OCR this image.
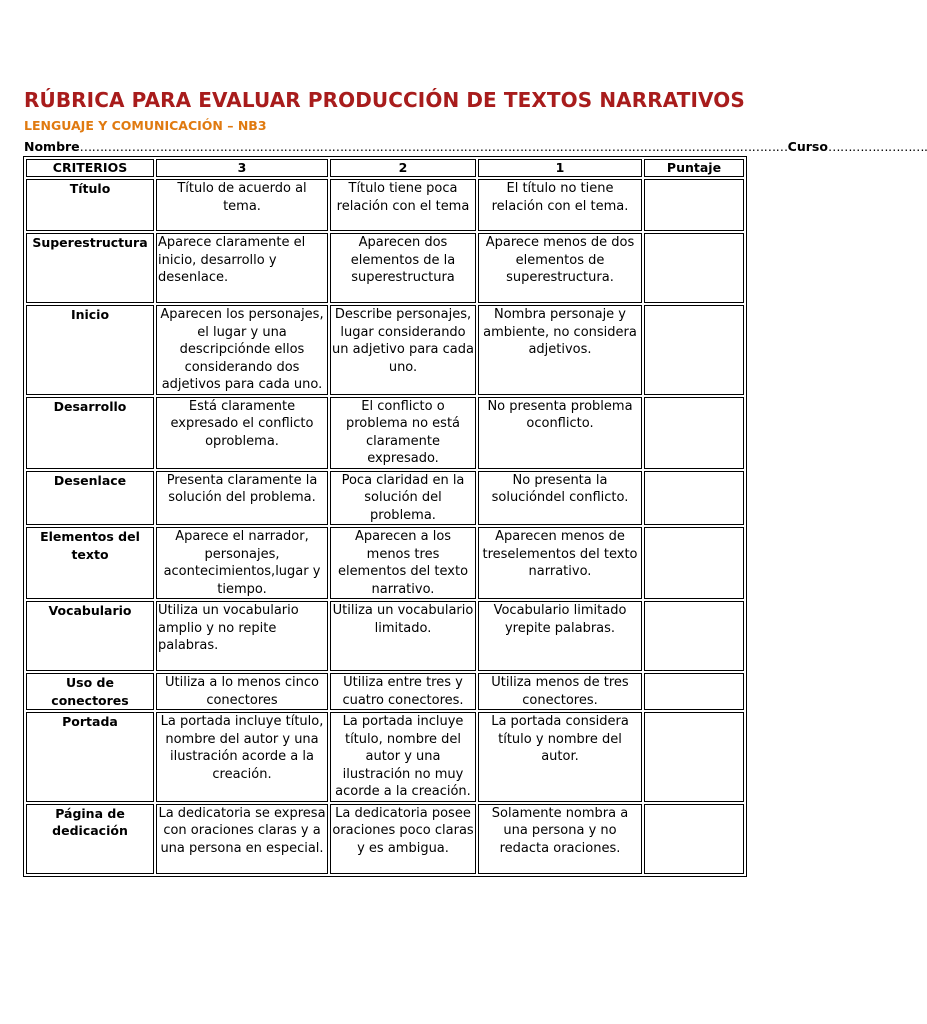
RÚBRICA PARA EVALUAR PRODUCCIÓN DE TEXTOS NARRATIVOS
LENGUAJE Y COMUNICACIÓN – NB3
Nombre …………………………………………………………………………………………………………………………………………………………… Curso …………………….
CRITERIOS	3	2	1	Puntaje
Título	Título de acuerdo al tema.	Título tiene poca relación con el tema	El título no tiene relación con el tema.	
Superestructura	Aparece claramente el inicio, desarrollo y desenlace.	Aparecen dos elementos de la superestructura	Aparece menos de dos elementos de superestructura.	
Inicio	Aparecen los personajes, el lugar y una descripciónde ellos considerando dos adjetivos para cada uno.	Describe personajes, lugar considerando un adjetivo para cada uno.	Nombra personaje y ambiente, no considera adjetivos.	
Desarrollo	Está claramente expresado el conflicto oproblema.	El conflicto o problema no está claramente expresado.	No presenta problema oconflicto.	
Desenlace	Presenta claramente la solución del problema.	Poca claridad en la solución del problema.	No presenta la solucióndel conflicto.	
Elementos del texto	Aparece el narrador, personajes, acontecimientos,lugar y tiempo.	Aparecen a los menos tres elementos del texto narrativo.	Aparecen menos de treselementos del texto narrativo.	
Vocabulario	Utiliza un vocabulario amplio y no repite palabras.	Utiliza un vocabulario limitado.	Vocabulario limitado yrepite palabras.	
Uso de conectores	Utiliza a lo menos cinco conectores	Utiliza entre tres y cuatro conectores.	Utiliza menos de tres conectores.	
Portada	La portada incluye título, nombre del autor y una ilustración acorde a la creación.	La portada incluye título, nombre del autor y una ilustración no muy acorde a la creación.	La portada considera título y nombre del autor.	
Página de dedicación	La dedicatoria se expresa con oraciones claras y a una persona en especial.	La dedicatoria posee oraciones poco claras y es ambigua.	Solamente nombra a una persona y no redacta oraciones.	
